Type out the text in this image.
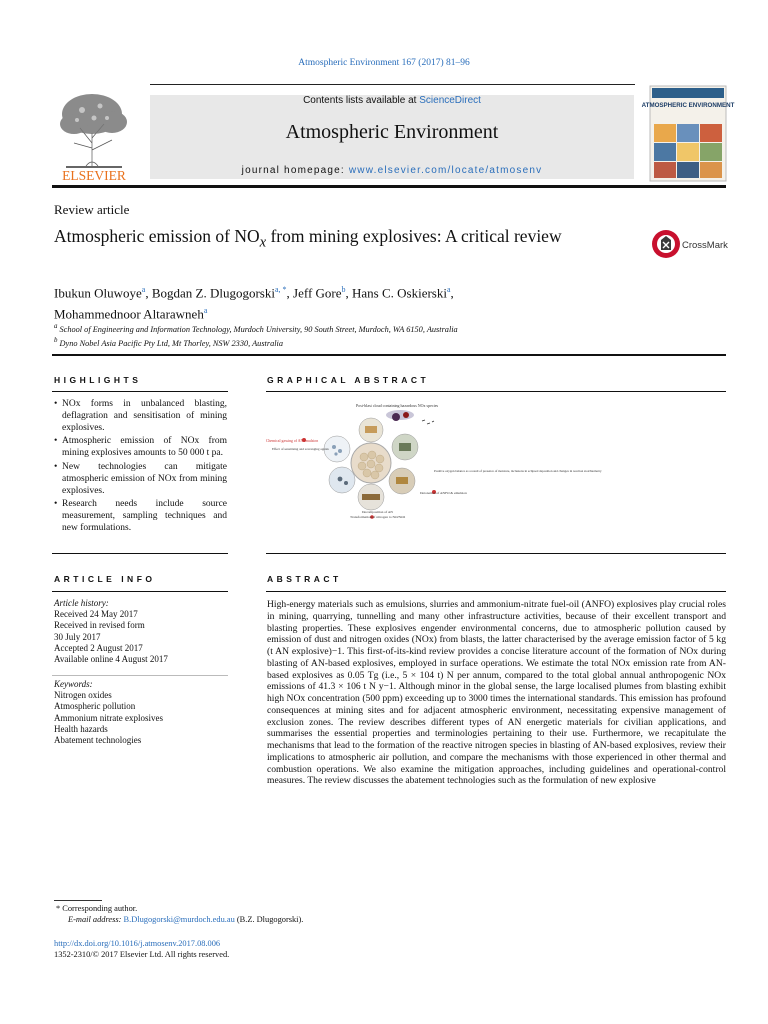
Atmospheric Environment 167 (2017) 81–96
ELSEVIER
Contents lists available at ScienceDirect
Atmospheric Environment
journal homepage: www.elsevier.com/locate/atmosenv
ATMOSPHERIC ENVIRONMENT
Review article
Atmospheric emission of $NO_x$ from mining explosives: A critical review	CrossMark
Ibukun Oluwoye$^a$, Bogdan Z. Dlugogorski$^{a, *}$, Jeff Gore$^b$, Hans C. Oskierski$^a$,
Mohammednoor Altarawneh$^a$
$^a$ School of Engineering and Information Technology, Murdoch University, 90 South Street, Murdoch, WA 6150, Australia
$^b$ Dyno Nobel Asia Pacific Pty Ltd, Mt Thorley, NSW 2330, Australia
HIGHLIGHTS	GRAPHICAL ABSTRACT
• NOx forms in unbalanced blasting, deflagration and sensitisation of mining explosives.
• Atmospheric emission of NOx from mining explosives amounts to 50 000 t pa.
• New technologies can mitigate atmospheric emission of NOx from mining explosives.
• Research needs include source measurement, sampling techniques and new formulations.
Post-blast cloud containing hazardous NOx species
Chemical gassing of AN emulsion
Effect of sensitising and scavenging agents
Positive oxygen balance as a result of presence of moisture, inclusions in eclipsed deposition and changes in reaction stoichiometry
Detonation of ANFO & emulsion
Decomposition of AN
Transformation of nitrogen to NO/NO2
ARTICLE INFO	ABSTRACT
Article history:
Received 24 May 2017
Received in revised form
30 July 2017
Accepted 2 August 2017
Available online 4 August 2017
Keywords:
Nitrogen oxides
Atmospheric pollution
Ammonium nitrate explosives
Health hazards
Abatement technologies
High-energy materials such as emulsions, slurries and ammonium-nitrate fuel-oil (ANFO) explosives play crucial roles in mining, quarrying, tunnelling and many other infrastructure activities, because of their excellent transport and blasting properties. These explosives engender environmental concerns, due to atmospheric pollution caused by emission of dust and nitrogen oxides (NOx) from blasts, the latter characterised by the average emission factor of 5 kg (t AN explosive)−1. This first-of-its-kind review provides a concise literature account of the formation of NOx during blasting of AN-based explosives, employed in surface operations. We estimate the total NOx emission rate from AN-based explosives as 0.05 Tg (i.e., 5 × 104 t) N per annum, compared to the total global annual anthropogenic NOx emissions of 41.3 × 106 t N y−1. Although minor in the global sense, the large localised plumes from blasting exhibit high NOx concentration (500 ppm) exceeding up to 3000 times the international standards. This emission has profound consequences at mining sites and for adjacent atmospheric environment, necessitating expensive management of exclusion zones. The review describes different types of AN energetic materials for civilian applications, and summarises the essential properties and terminologies pertaining to their use. Furthermore, we recapitulate the mechanisms that lead to the formation of the reactive nitrogen species in blasting of AN-based explosives, review their implications to atmospheric air pollution, and compare the mechanisms with those experienced in other thermal and combustion operations. We also examine the mitigation approaches, including guidelines and operational-control measures. The review discusses the abatement technologies such as the formulation of new explosive
* Corresponding author.
E-mail address: B.Dlugogorski@murdoch.edu.au (B.Z. Dlugogorski).
http://dx.doi.org/10.1016/j.atmosenv.2017.08.006
1352-2310/© 2017 Elsevier Ltd. All rights reserved.
